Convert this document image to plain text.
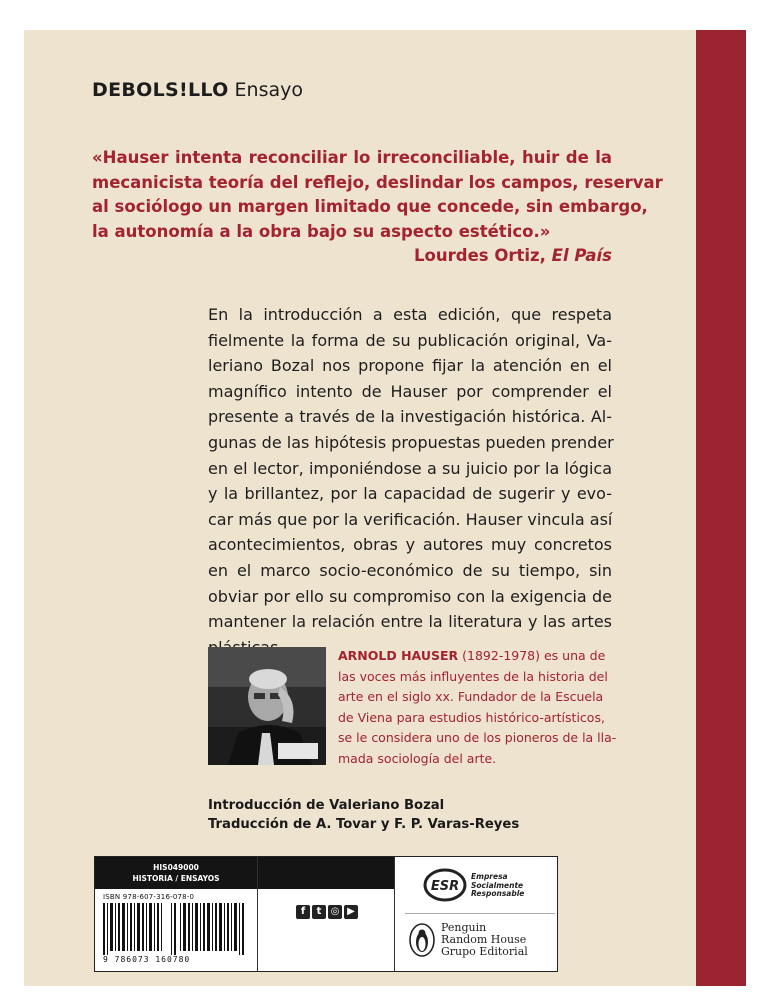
DEBOLS!LLO Ensayo
«Hauser intenta reconciliar lo irreconciliable, huir de la
mecanicista teoría del reflejo, deslindar los campos, reservar
al sociólogo un margen limitado que concede, sin embargo,
la autonomía a la obra bajo su aspecto estético.»
Lourdes Ortiz, El País
En la introducción a esta edición, que respeta
fielmente la forma de su publicación original, Va-
leriano Bozal nos propone fijar la atención en el
magnífico intento de Hauser por comprender el
presente a través de la investigación histórica. Al-
gunas de las hipótesis propuestas pueden prender
en el lector, imponiéndose a su juicio por la lógica
y la brillantez, por la capacidad de sugerir y evo-
car más que por la verificación. Hauser vincula así
acontecimientos, obras y autores muy concretos
en el marco socio-económico de su tiempo, sin
obviar por ello su compromiso con la exigencia de
mantener la relación entre la literatura y las artes
ARNOLD HAUSER (1892-1978) es una de
las voces más influyentes de la historia del
arte en el siglo xx. Fundador de la Escuela
de Viena para estudios histórico-artísticos,
se le considera uno de los pioneros de la lla-
mada sociología del arte.
Introducción de Valeriano Bozal
Traducción de A. Tovar y F. P. Varas-Reyes
HIS049000
HISTORIA / ENSAYOS
ISBN 978-607-316-078-0
9 786073 160780
f	t ◎ ▶
ESR
Empresa
Socialmente
Responsable
Penguin
Random House
Grupo Editorial
